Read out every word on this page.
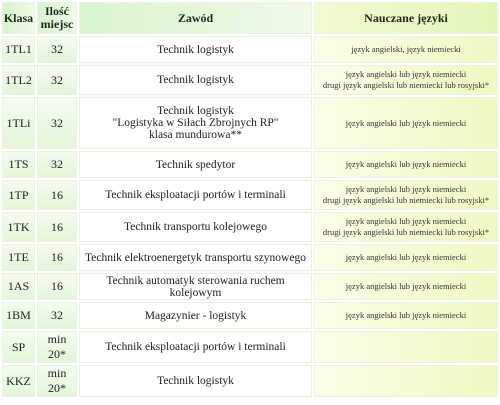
Klasa	Ilość
miejsc	Zawód	Nauczane języki
1TL1	32	Technik logistyk	język angielski, język niemiecki

1TL2	32	Technik logistyk	język angielski lub język niemiecki
drugi język angielski lub niemiecki lub rosyjski*

1TLi	32	Technik logistyk
"Logistyka w Siłach Zbrojnych RP"
klasa mundurowa**	język angielski lub język niemiecki

1TS	32	Technik spedytor	język angielski lub język niemiecki

1TP	16	Technik eksploatacji portów i terminali	język angielski lub język niemiecki
drugi język angielski lub niemiecki lub rosyjski*

1TK	16	Technik transportu kolejowego	język angielski lub język niemiecki
drugi język angielski lub niemiecki lub rosyjski*

1TE	16	Technik elektroenergetyk transportu szynowego	język angielski lub język niemiecki

1AS	16	Technik automatyk sterowania ruchem kolejowym	język angielski lub język niemiecki

1BM	32	Magazynier - logistyk	język angielski lub język niemiecki

SP	min 20*	Technik eksploatacji portów i terminali	

KKZ	min 20*	Technik logistyk	
